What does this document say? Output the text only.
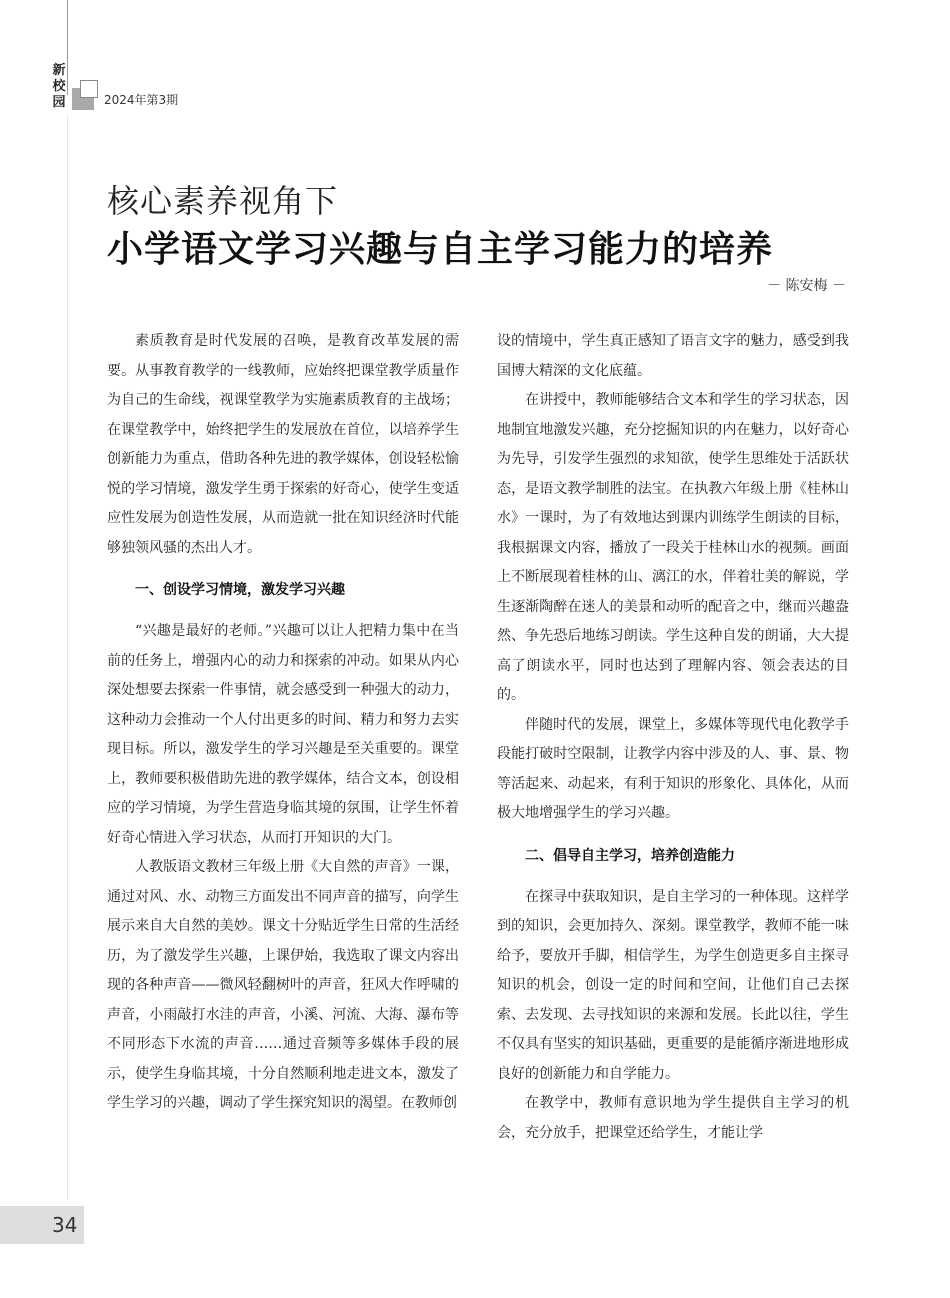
新
校
园	2024年第3期
核心素养视角下
小学语文学习兴趣与自主学习能力的培养
－ 陈安梅 －

素质教育是时代发展的召唤，是教育改革发展的需要。从事教育教学的一线教师，应始终把课堂教学质量作为自己的生命线，视课堂教学为实施素质教育的主战场；在课堂教学中，始终把学生的发展放在首位，以培养学生创新能力为重点，借助各种先进的教学媒体，创设轻松愉悦的学习情境，激发学生勇于探索的好奇心，使学生变适应性发展为创造性发展，从而造就一批在知识经济时代能够独领风骚的杰出人才。

一、创设学习情境，激发学习兴趣

“兴趣是最好的老师。”兴趣可以让人把精力集中在当前的任务上，增强内心的动力和探索的冲动。如果从内心深处想要去探索一件事情，就会感受到一种强大的动力，这种动力会推动一个人付出更多的时间、精力和努力去实现目标。所以，激发学生的学习兴趣是至关重要的。课堂上，教师要积极借助先进的教学媒体，结合文本，创设相应的学习情境，为学生营造身临其境的氛围，让学生怀着好奇心情进入学习状态，从而打开知识的大门。

人教版语文教材三年级上册《大自然的声音》一课，通过对风、水、动物三方面发出不同声音的描写，向学生展示来自大自然的美妙。课文十分贴近学生日常的生活经历，为了激发学生兴趣，上课伊始，我选取了课文内容出现的各种声音——微风轻翻树叶的声音，狂风大作呼啸的声音，小雨敲打水洼的声音，小溪、河流、大海、瀑布等不同形态下水流的声音……通过音频等多媒体手段的展示，使学生身临其境，十分自然顺利地走进文本，激发了学生学习的兴趣，调动了学生探究知识的渴望。在教师创

设的情境中，学生真正感知了语言文字的魅力，感受到我国博大精深的文化底蕴。

在讲授中，教师能够结合文本和学生的学习状态，因地制宜地激发兴趣，充分挖掘知识的内在魅力，以好奇心为先导，引发学生强烈的求知欲，使学生思维处于活跃状态，是语文教学制胜的法宝。在执教六年级上册《桂林山水》一课时，为了有效地达到课内训练学生朗读的目标，我根据课文内容，播放了一段关于桂林山水的视频。画面上不断展现着桂林的山、漓江的水，伴着壮美的解说，学生逐渐陶醉在迷人的美景和动听的配音之中，继而兴趣盎然、争先恐后地练习朗读。学生这种自发的朗诵，大大提高了朗读水平，同时也达到了理解内容、领会表达的目的。

伴随时代的发展，课堂上，多媒体等现代电化教学手段能打破时空限制，让教学内容中涉及的人、事、景、物等活起来、动起来，有利于知识的形象化、具体化，从而极大地增强学生的学习兴趣。

二、倡导自主学习，培养创造能力

在探寻中获取知识，是自主学习的一种体现。这样学到的知识，会更加持久、深刻。课堂教学，教师不能一味给予，要放开手脚，相信学生，为学生创造更多自主探寻知识的机会，创设一定的时间和空间，让他们自己去探索、去发现、去寻找知识的来源和发展。长此以往，学生不仅具有坚实的知识基础，更重要的是能循序渐进地形成良好的创新能力和自学能力。

在教学中，教师有意识地为学生提供自主学习的机会，充分放手，把课堂还给学生，才能让学

34
